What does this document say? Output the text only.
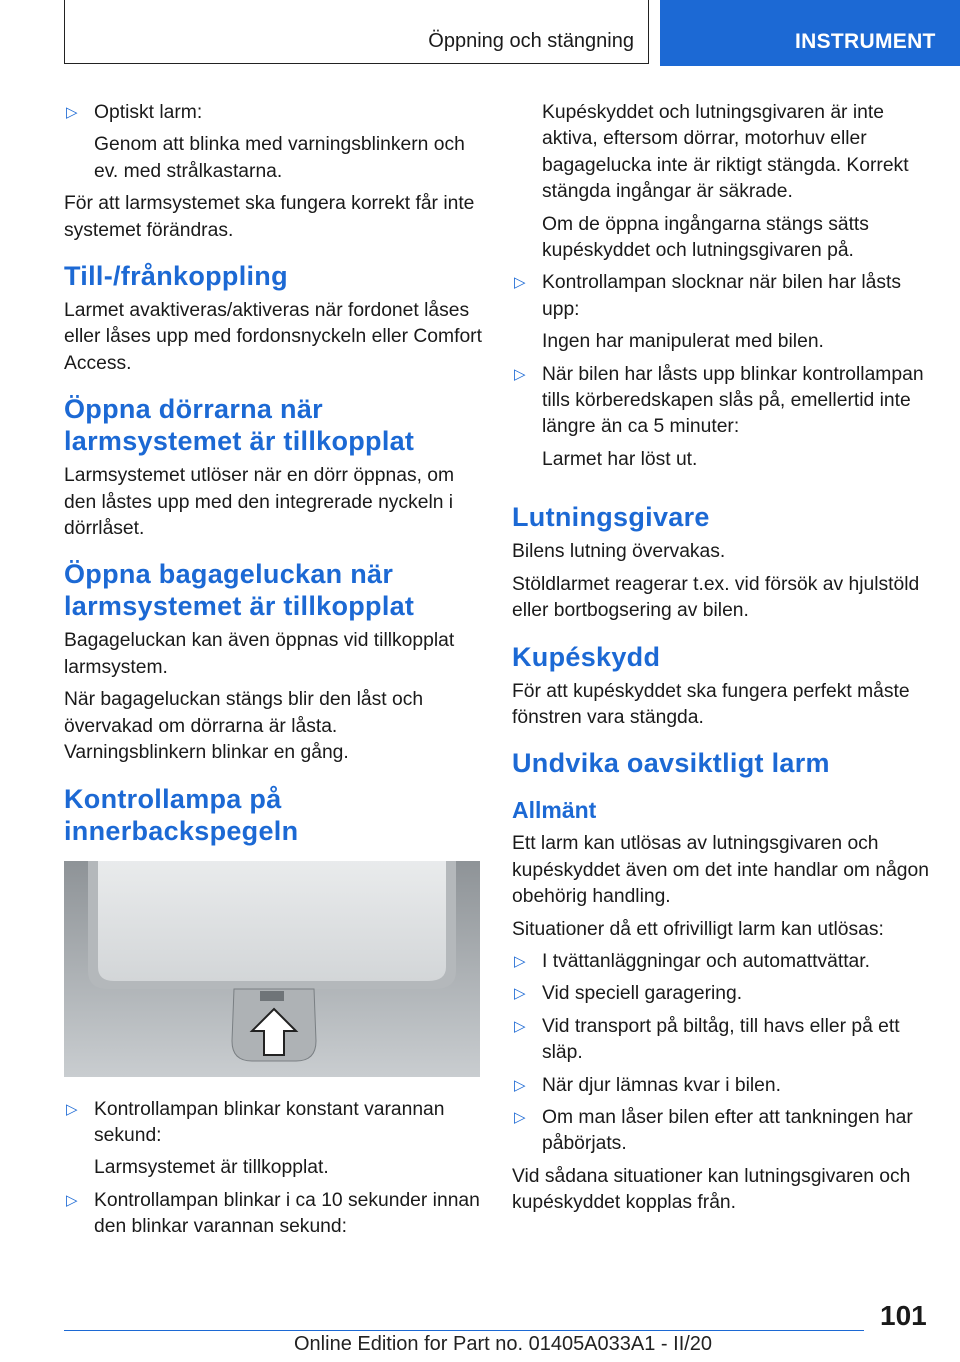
Öppning och stängning	INSTRUMENT
▷ Optiskt larm:
Genom att blinka med varningsblinkern och ev. med strålkastarna.

För att larmsystemet ska fungera korrekt får inte systemet förändras.

Till-/frånkoppling

Larmet avaktiveras/aktiveras när fordonet låses eller låses upp med fordonsnyckeln eller Comfort Access.

Öppna dörrarna när larmsystemet är tillkopplat

Larmsystemet utlöser när en dörr öppnas, om den låstes upp med den integrerade nyckeln i dörrlåset.

Öppna bagageluckan när larmsystemet är tillkopplat

Bagageluckan kan även öppnas vid tillkopplat larmsystem.

När bagageluckan stängs blir den låst och övervakad om dörrarna är låsta. Varningsblinkern blinkar en gång.

Kontrollampa på innerbackspegeln
▷ Kontrollampan blinkar konstant varannan sekund:
Larmsystemet är tillkopplat.
▷ Kontrollampan blinkar i ca 10 sekunder innan den blinkar varannan sekund:
Kupéskyddet och lutningsgivaren är inte aktiva, eftersom dörrar, motorhuv eller bagagelucka inte är riktigt stängda. Korrekt stängda ingångar är säkrade.
Om de öppna ingångarna stängs sätts kupéskyddet och lutningsgivaren på.
▷ Kontrollampan slocknar när bilen har låsts upp:
Ingen har manipulerat med bilen.
▷ När bilen har låsts upp blinkar kontrollampan tills körberedskapen slås på, emellertid inte längre än ca 5 minuter:
Larmet har löst ut.
Lutningsgivare

Bilens lutning övervakas.

Stöldlarmet reagerar t.ex. vid försök av hjulstöld eller bortbogsering av bilen.

Kupéskydd

För att kupéskyddet ska fungera perfekt måste fönstren vara stängda.

Undvika oavsiktligt larm
Allmänt

Ett larm kan utlösas av lutningsgivaren och kupéskyddet även om det inte handlar om någon obehörig handling.

Situationer då ett ofrivilligt larm kan utlösas:

▷ I tvättanläggningar och automattvättar.
▷ Vid speciell garagering.
▷ Vid transport på biltåg, till havs eller på ett släp.
▷ När djur lämnas kvar i bilen.
▷ Om man låser bilen efter att tankningen har påbörjats.

Vid sådana situationer kan lutningsgivaren och kupéskyddet kopplas från.

101
Online Edition for Part no. 01405A033A1 - II/20
